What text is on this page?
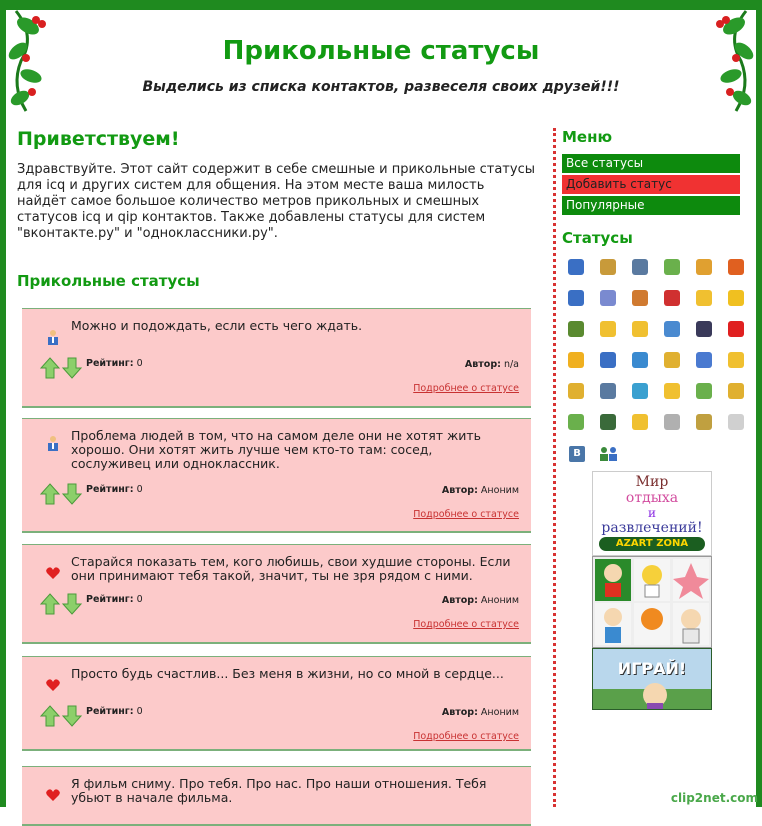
Прикольные статусы
Выделись из списка контактов, развеселя своих друзей!!!
Приветствуем!

Здравствуйте. Этот сайт содержит в себе смешные и прикольные статусы для icq и других систем для общения. На этом месте ваша милость найдёт самое большое количество метров прикольных и смешных статусов icq и qip контактов. Также добавлены статусы для систем "вконтакте.ру" и "одноклассники.ру".

Прикольные статусы
Можно и подождать, если есть чего ждать.
Рейтинг: 0	Автор: n/a
Подробнее о статусе
Проблема людей в том, что на самом деле они не хотят жить хорошо. Они хотят жить лучше чем кто-то там: сосед, сослуживец или одноклассник.
Рейтинг: 0	Автор: Аноним
Подробнее о статусе
Старайся показать тем, кого любишь, свои худшие стороны. Если они принимают тебя такой, значит, ты не зря рядом с ними.
Рейтинг: 0	Автор: Аноним
Подробнее о статусе
Просто будь счастлив... Без меня в жизни, но со мной в сердце...
Рейтинг: 0	Автор: Аноним
Подробнее о статусе
Я фильм сниму. Про тебя. Про нас. Про наши отношения. Тебя убьют в начале фильма.
Меню
Все статусы
Добавить статус
Популярные
Статусы
В
Мир
отдыха
и
развлечений!
AZART ZONA
ИГРАЙ!
clip2net.com
